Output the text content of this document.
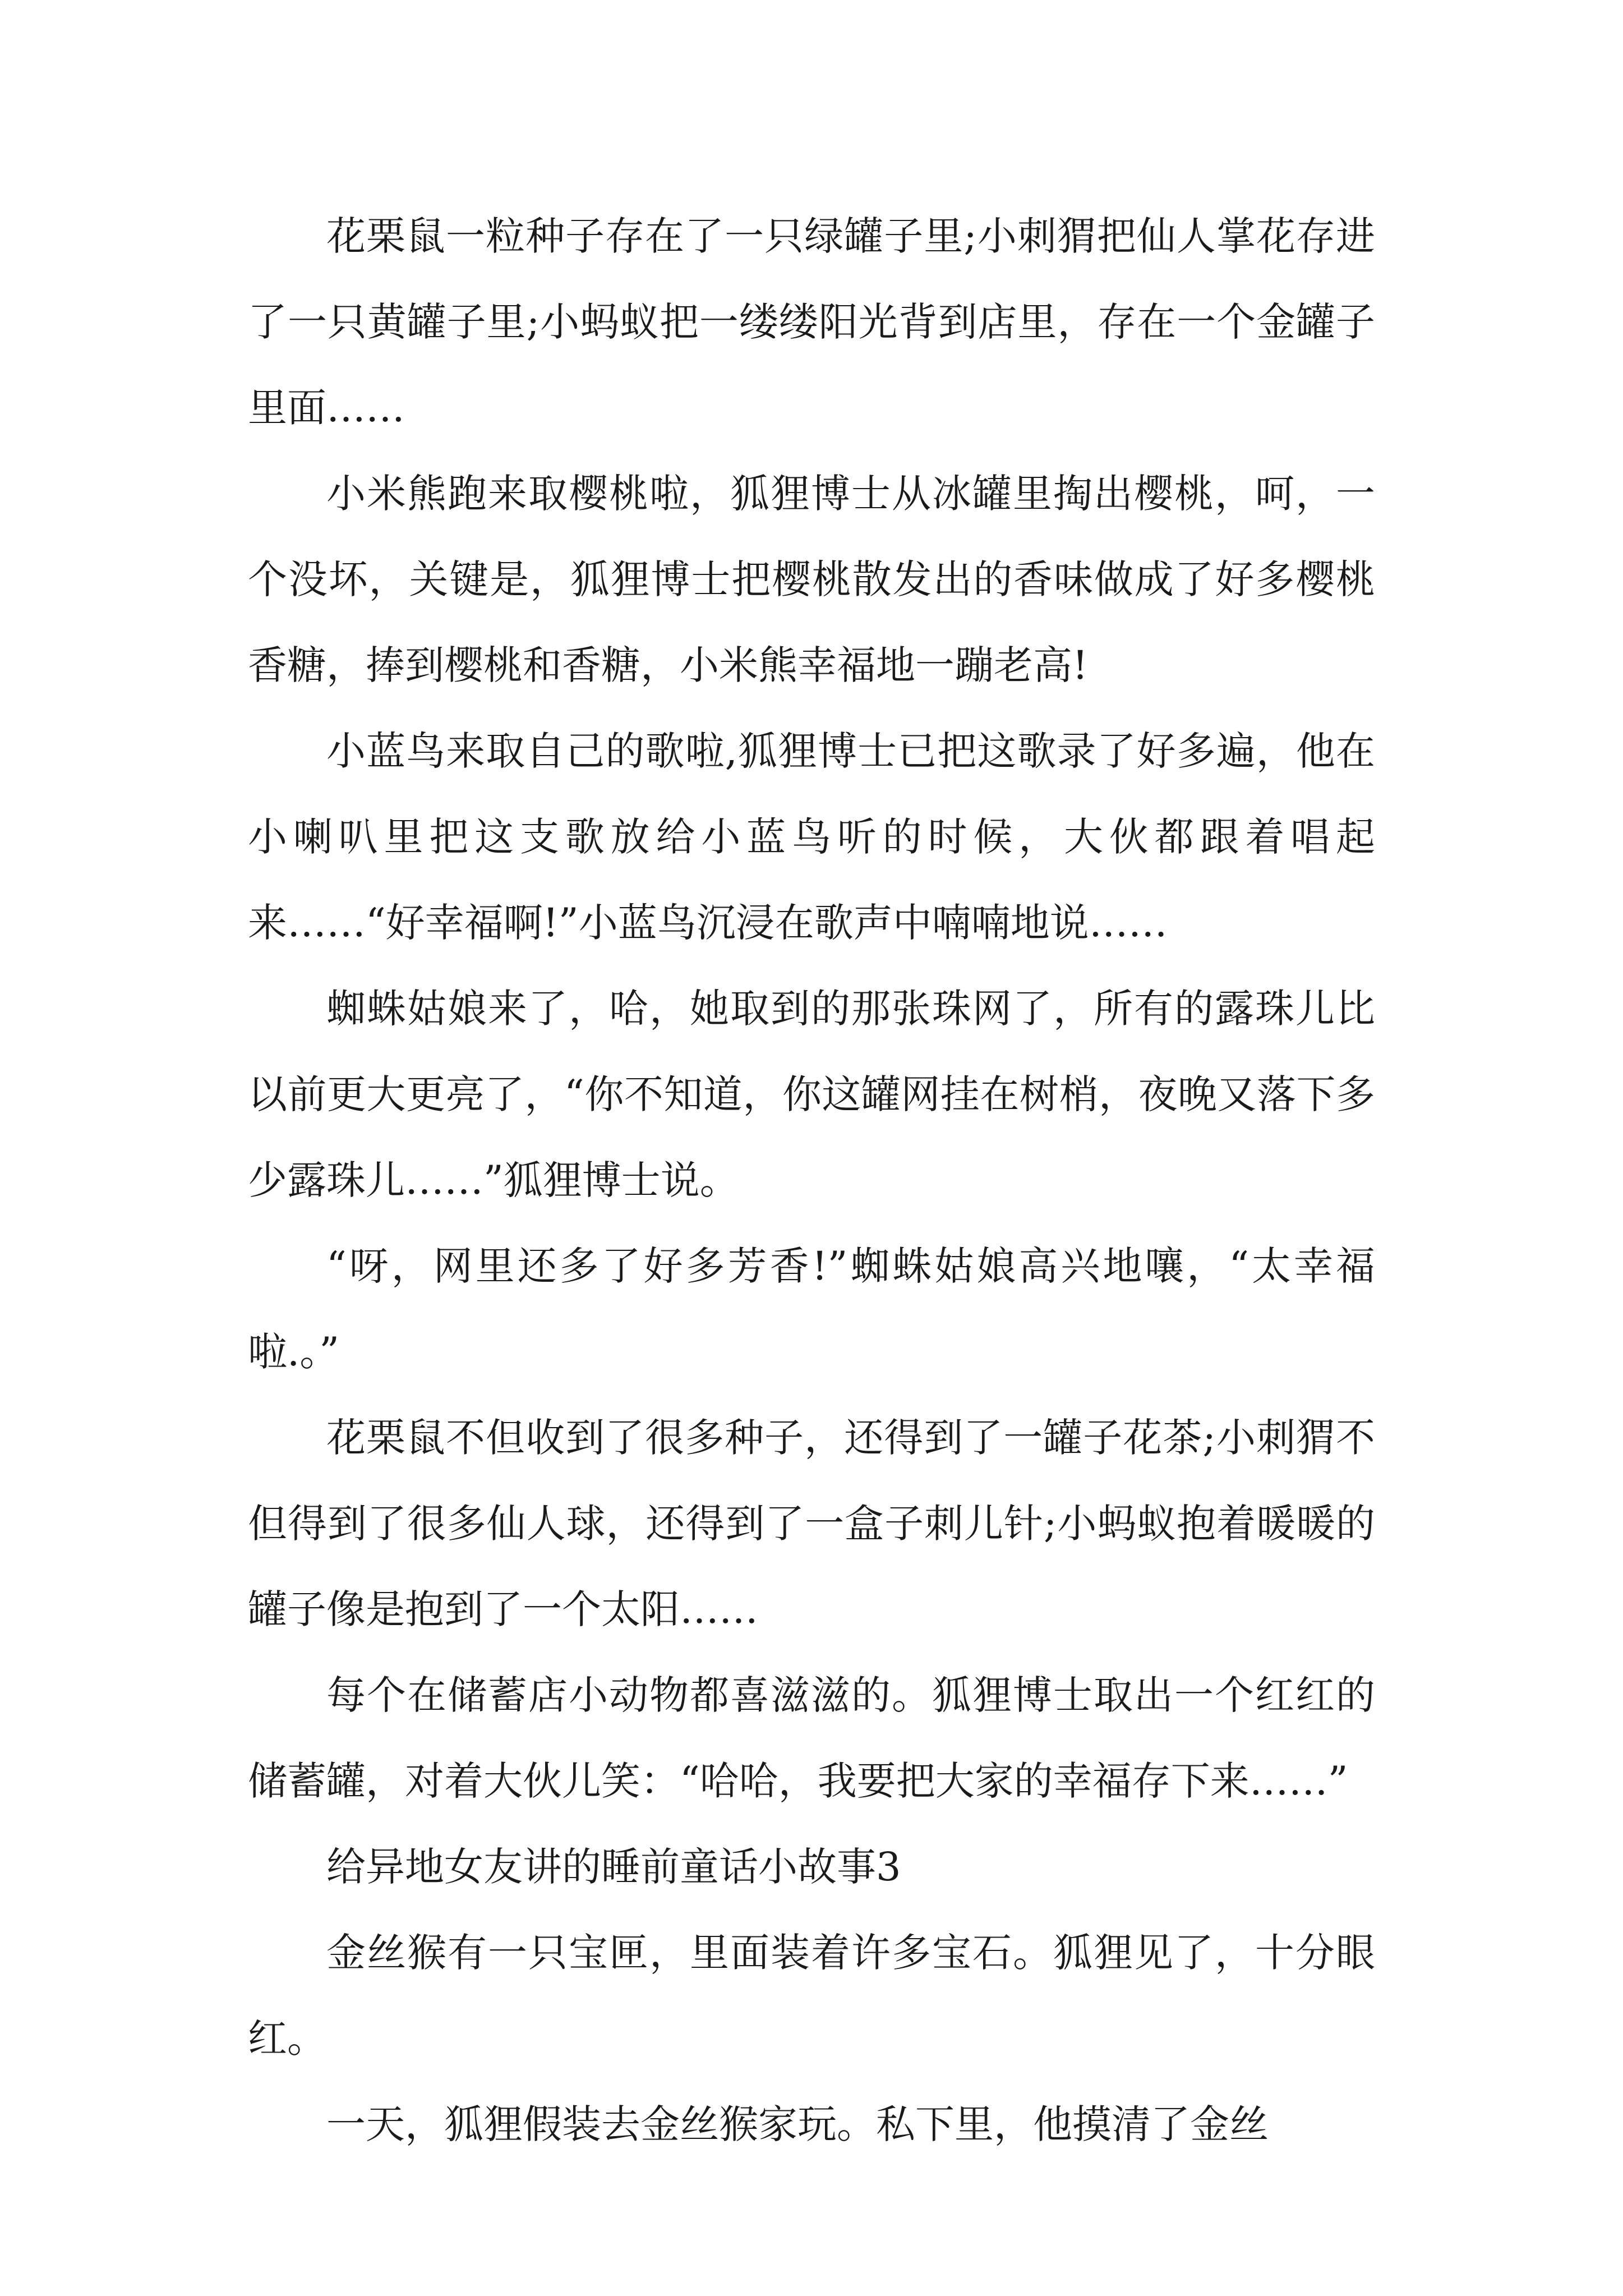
花栗鼠一粒种子存在了一只绿罐子里;小刺猬把仙人掌花存进了一只黄罐子里;小蚂蚁把一缕缕阳光背到店里，存在一个金罐子里面……

小米熊跑来取樱桃啦，狐狸博士从冰罐里掏出樱桃，呵，一个没坏，关键是，狐狸博士把樱桃散发出的香味做成了好多樱桃香糖，捧到樱桃和香糖，小米熊幸福地一蹦老高!

小蓝鸟来取自己的歌啦,狐狸博士已把这歌录了好多遍，他在小喇叭里把这支歌放给小蓝鸟听的时候，大伙都跟着唱起来……“好幸福啊!”小蓝鸟沉浸在歌声中喃喃地说……

蜘蛛姑娘来了，哈，她取到的那张珠网了，所有的露珠儿比以前更大更亮了，“你不知道，你这罐网挂在树梢，夜晚又落下多少露珠儿……”狐狸博士说。

“呀，网里还多了好多芳香!”蜘蛛姑娘高兴地嚷，“太幸福啦.。”

花栗鼠不但收到了很多种子，还得到了一罐子花茶;小刺猬不但得到了很多仙人球，还得到了一盒子刺儿针;小蚂蚁抱着暖暖的罐子像是抱到了一个太阳……

每个在储蓄店小动物都喜滋滋的。狐狸博士取出一个红红的储蓄罐，对着大伙儿笑：“哈哈，我要把大家的幸福存下来……”

给异地女友讲的睡前童话小故事3

金丝猴有一只宝匣，里面装着许多宝石。狐狸见了，十分眼红。

一天，狐狸假装去金丝猴家玩。私下里，他摸清了金丝
